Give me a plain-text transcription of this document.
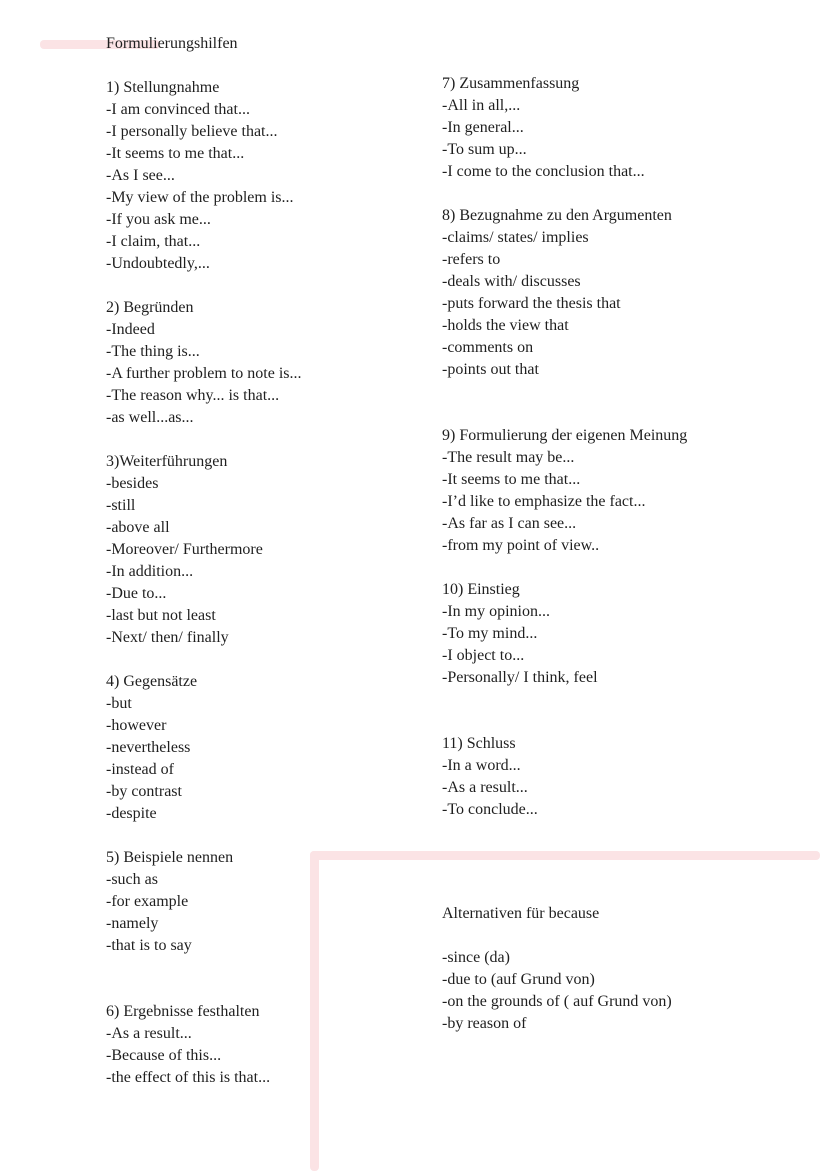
Formulierungshilfen
1) Stellungnahme
-I am convinced that...
-I personally believe that...
-It seems to me that...
-As I see...
-My view of the problem is...
-If you ask me...
-I claim, that...
-Undoubtedly,...
2) Begründen
-Indeed
-The thing is...
-A further problem to note is...
-The reason why... is that...
-as well...as...
3)Weiterführungen
-besides
-still
-above all
-Moreover/ Furthermore
-In addition...
-Due to...
-last but not least
-Next/ then/ finally
4) Gegensätze
-but
-however
-nevertheless
-instead of
-by contrast
-despite
5) Beispiele nennen
-such as
-for example
-namely
-that is to say
6) Ergebnisse festhalten
-As a result...
-Because of this...
-the effect of this is that...
7) Zusammenfassung
-All in all,...
-In general...
-To sum up...
-I come to the conclusion that...
8) Bezugnahme zu den Argumenten
-claims/ states/ implies
-refers to
-deals with/ discusses
-puts forward the thesis that
-holds the view that
-comments on
-points out that
9) Formulierung der eigenen Meinung
-The result may be...
-It seems to me that...
-I’d like to emphasize the fact...
-As far as I can see...
-from my point of view..
10) Einstieg
-In my opinion...
-To my mind...
-I object to...
-Personally/ I think, feel
11) Schluss
-In a word...
-As a result...
-To conclude...
Alternativen für because
-since (da)
-due to (auf Grund von)
-on the grounds of ( auf Grund von)
-by reason of
